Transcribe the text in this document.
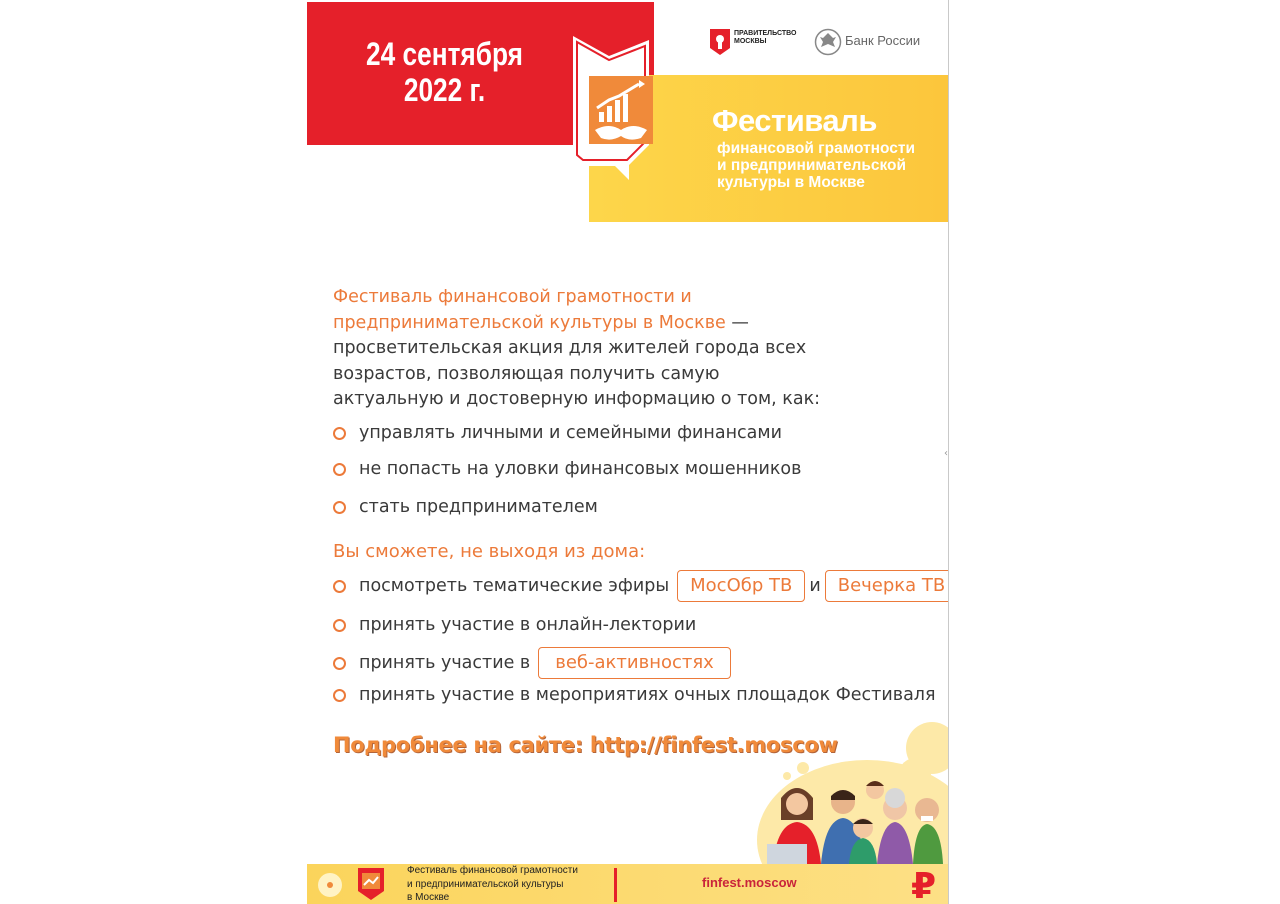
24 сентября
2022 г.
Фестиваль
финансовой грамотности
и предпринимательской
культуры в Москве
ПРАВИТЕЛЬСТВО МОСКВЫ	Банк России
Фестиваль финансовой грамотности и предпринимательской культуры в Москве — просветительская акция для жителей города всех возрастов, позволяющая получить самую актуальную и достоверную информацию о том, как:
управлять личными и семейными финансами
не попасть на уловки финансовых мошенников
стать предпринимателем
Вы сможете, не выходя из дома:
посмотреть тематические эфиры	МосОбр ТВ и Вечерка ТВ
принять участие в онлайн-лектории
принять участие в	веб-активностях
принять участие в мероприятиях очных площадок Фестиваля
Подробнее на сайте: http://finfest.moscow
Фестиваль финансовой грамотности
и предпринимательской культуры
в Москве
finfest.moscow	₽
‹
